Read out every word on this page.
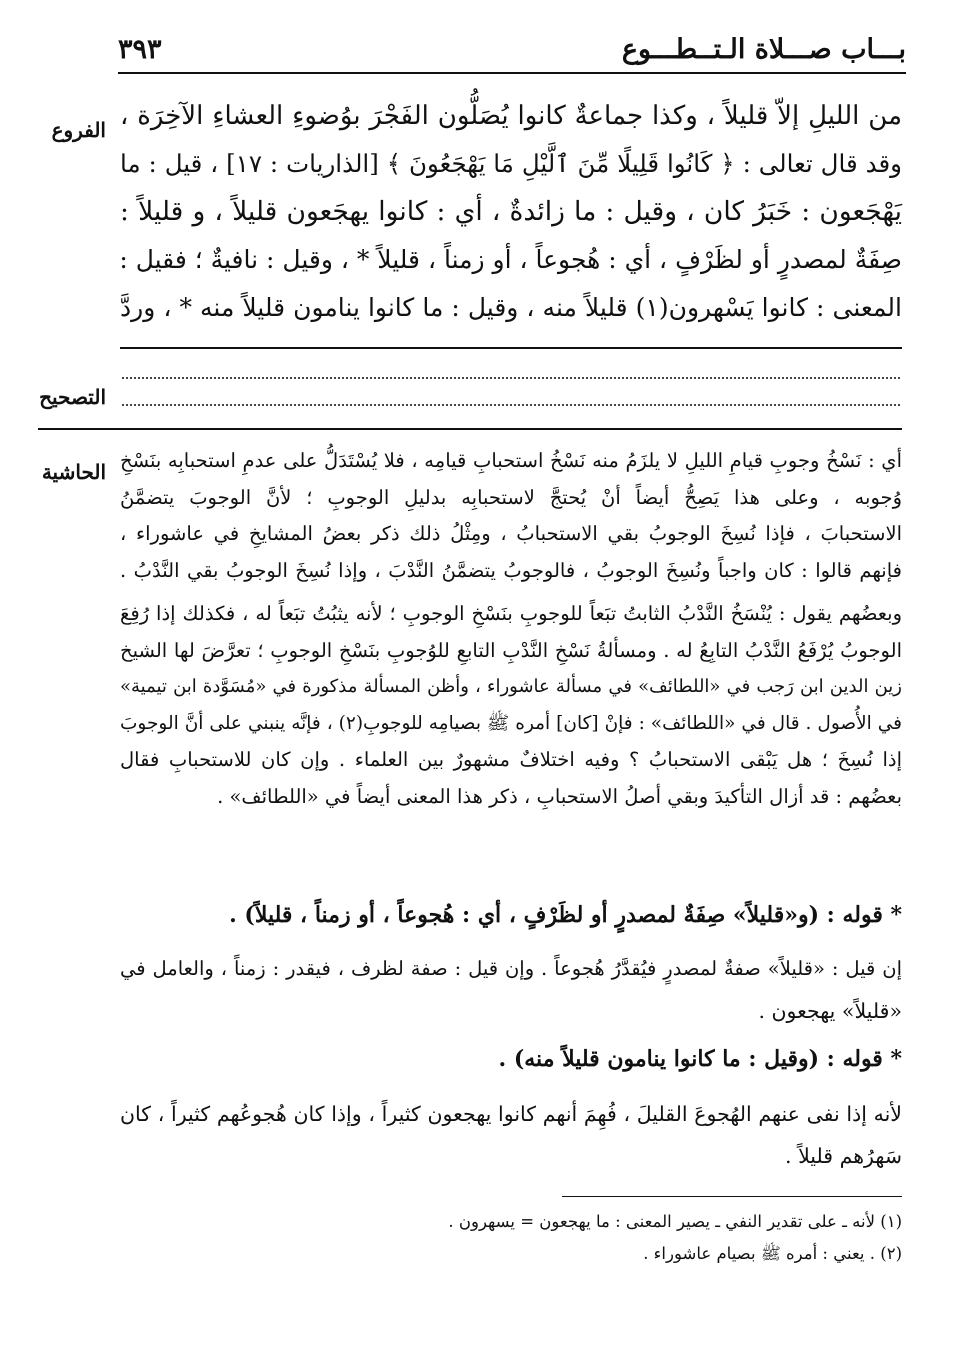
بـــاب صـــلاة الـتــطـــوع
٣٩٣
الفروع من الليلِ إلاّ قليلاً ، وكذا جماعةٌ كانوا يُصَلُّون الفَجْرَ بوُضوءِ العشاءِ الآخِرَة ،
وقد قال تعالى : ﴿ كَانُوا قَلِيلًا مِّنَ ٱلَّيْلِ مَا يَهْجَعُونَ ﴾ [الذاريات : ١٧] ، قيل : ما
يَهْجَعون : خَبَرُ كان ، وقيل : ما زائدةٌ ، أي : كانوا يهجَعون قليلاً ، و قليلاً :
صِفَةٌ لمصدرٍ أو لظَرْفٍ ، أي : هُجوعاً ، أو زمناً ، قليلاً * ، وقيل : نافيةٌ ؛ فقيل :
المعنى : كانوا يَسْهرون(١) قليلاً منه ، وقيل : ما كانوا ينامون قليلاً منه * ، وردَّ
التصحيح
الحاشية أي : نَسْخُ وجوبِ قيامِ الليلِ لا يلزَمُ منه نَسْخُ استحبابِ قيامِه ، فلا يُسْتَدَلُّ على عدمِ استحبابِه بنَسْخِ
وُجوبه ، وعلى هذا يَصِحُّ أيضاً أنْ يُحتجَّ لاستحبابِه بدليلِ الوجوبِ ؛ لأنَّ الوجوبَ يتضمَّنُ
الاستحبابَ ، فإذا نُسِخَ الوجوبُ بقي الاستحبابُ ، ومِثْلُ ذلك ذكر بعضُ المشايخِ في عاشوراء ،
فإنهم قالوا : كان واجباً ونُسِخَ الوجوبُ ، فالوجوبُ يتضمَّنُ النَّدْبَ ، وإذا نُسِخَ الوجوبُ بقي النَّدْبُ .
وبعضُهم يقول : يُنْسَخُ النَّدْبُ الثابتُ تبَعاً للوجوبِ بنَسْخِ الوجوبِ ؛ لأنه يثبُتُ تبَعاً له ، فكذلك إذا رُفِعَ
الوجوبُ يُرْفَعُ النَّدْبُ التابِعُ له . ومسألةُ نَسْخِ النَّدْبِ التابعِ للوُجوبِ بنَسْخِ الوجوبِ ؛ تعرَّضَ لها الشيخ
زين الدين ابن رَجب في «اللطائف» في مسألة عاشوراء ، وأظن المسألة مذكورة في «مُسَوَّدة ابن تيمية»
في الأُصول . قال في «اللطائف» : فإنْ [كان] أمره ﷺ بصيامِه للوجوبِ(٢) ، فإنَّه ينبني على أنَّ الوجوبَ
إذا نُسِخَ ؛ هل يَبْقى الاستحبابُ ؟ وفيه اختلافٌ مشهورٌ بين العلماء . وإن كان للاستحبابِ فقال
بعضُهم : قد أزال التأكيدَ وبقي أصلُ الاستحبابِ ، ذكر هذا المعنى أيضاً في «اللطائف» .
* قوله : (و«قليلاً» صِفَةٌ لمصدرٍ أو لظَرْفٍ ، أي : هُجوعاً ، أو زمناً ، قليلاً) .
إن قيل : «قليلاً» صفةٌ لمصدرٍ فيُقدَّرُ هُجوعاً . وإن قيل : صفة لظرف ، فيقدر : زمناً ، والعامل في
«قليلاً» يهجعون .
* قوله : (وقيل : ما كانوا ينامون قليلاً منه) .
لأنه إذا نفى عنهم الهُجوعَ القليلَ ، فُهِمَ أنهم كانوا يهجعون كثيراً ، وإذا كان هُجوعُهم كثيراً ، كان
سَهرُهم قليلاً .
(١) لأنه ـ على تقدير النفي ـ يصير المعنى : ما يهجعون = يسهرون .
(٢) . يعني : أمره ﷺ بصيام عاشوراء .
